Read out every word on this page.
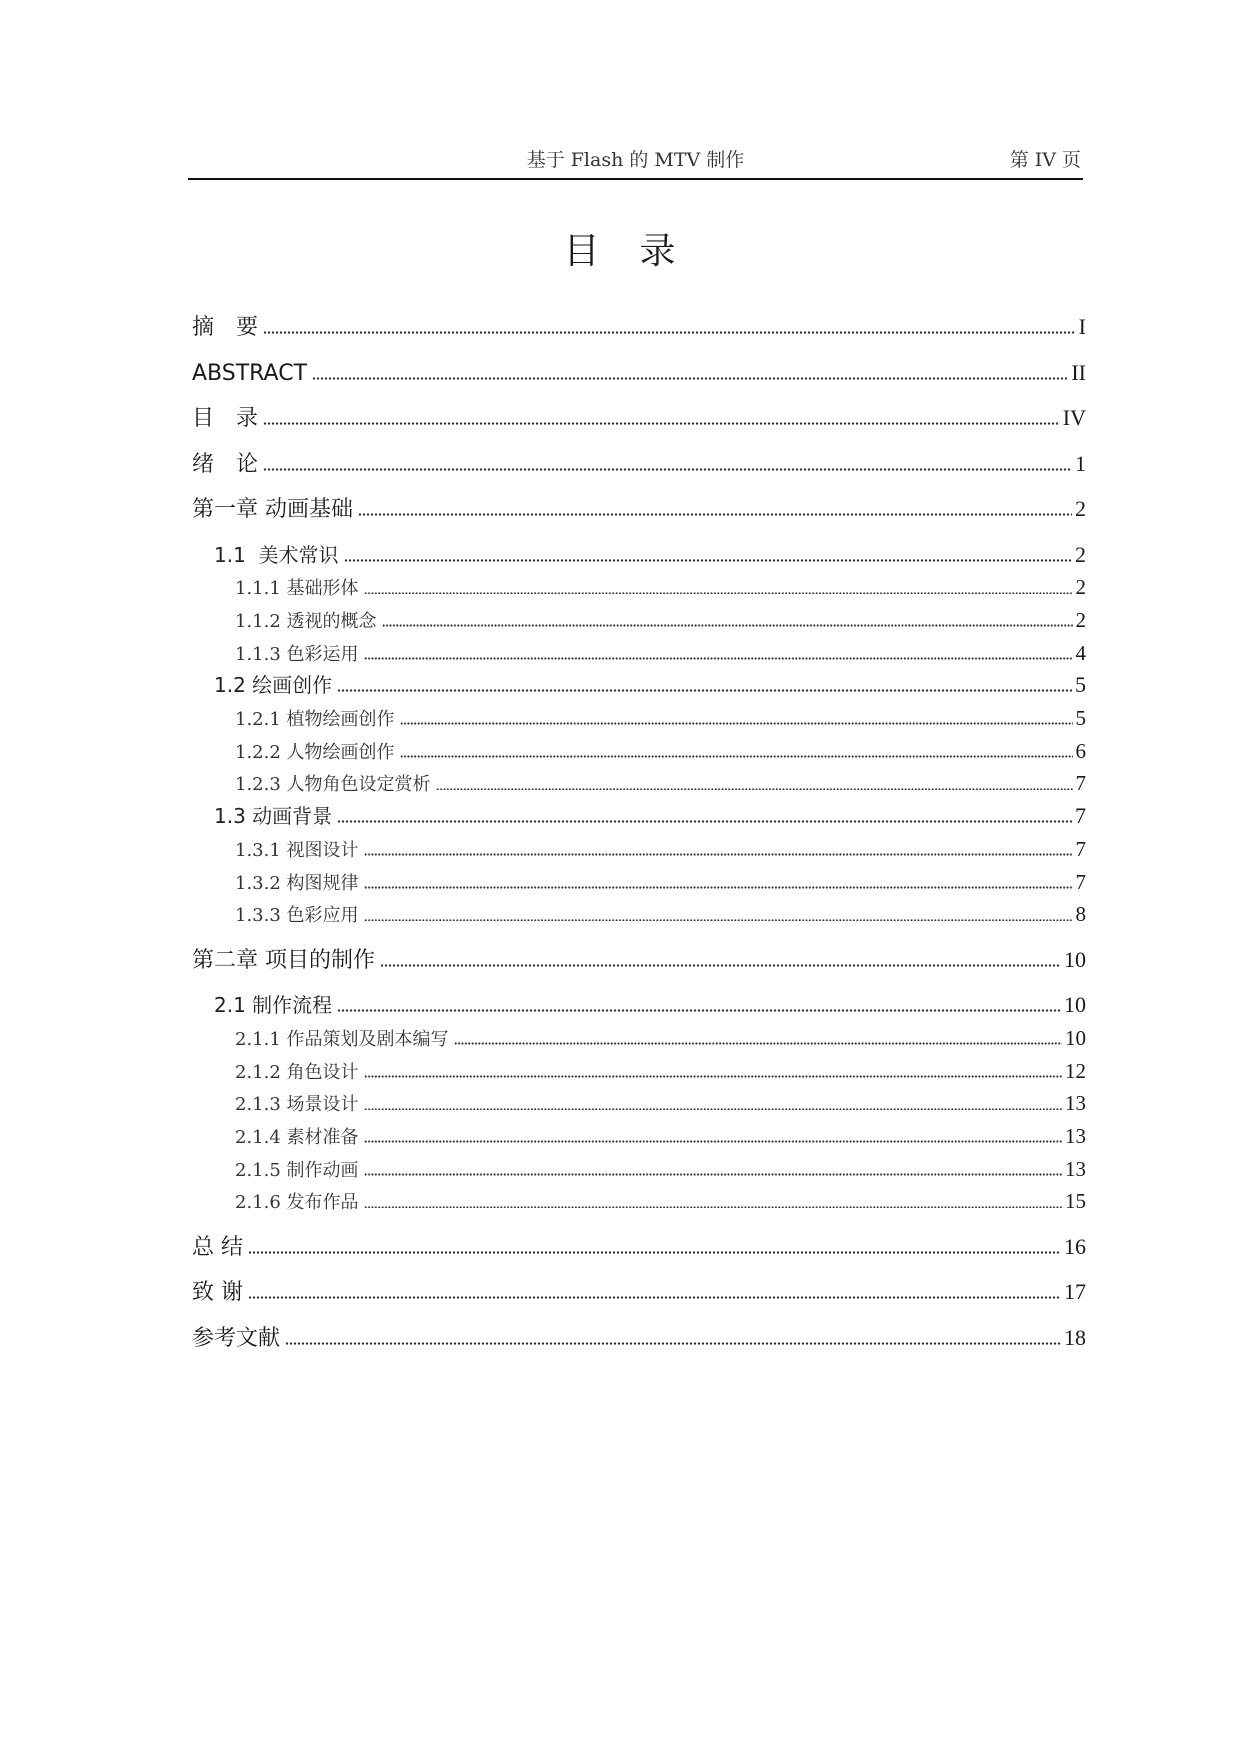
基于 Flash 的 MTV 制作	第 IV 页
目　录
摘　要	I
ABSTRACT	II
目　录	IV
绪　论	1
第一章 动画基础	2
1.1  美术常识	2
1.1.1 基础形体	2
1.1.2 透视的概念	2
1.1.3 色彩运用	4
1.2 绘画创作	5
1.2.1 植物绘画创作	5
1.2.2 人物绘画创作	6
1.2.3 人物角色设定赏析	7
1.3 动画背景	7
1.3.1 视图设计	7
1.3.2 构图规律	7
1.3.3 色彩应用	8
第二章 项目的制作	10
2.1 制作流程	10
2.1.1 作品策划及剧本编写	10
2.1.2 角色设计	12
2.1.3 场景设计	13
2.1.4 素材准备	13
2.1.5 制作动画	13
2.1.6 发布作品	15
总 结	16
致 谢	17
参考文献	18
